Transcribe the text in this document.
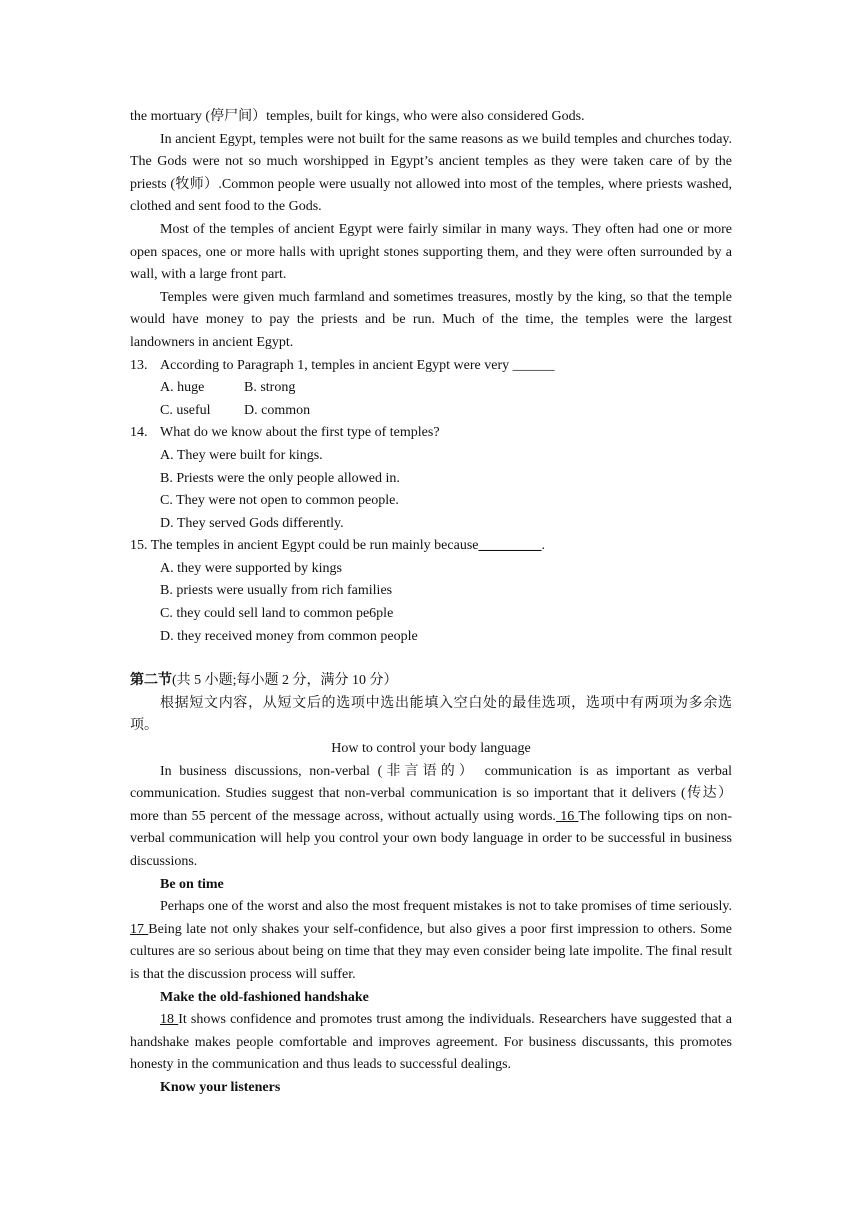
the mortuary (停尸间）temples, built for kings, who were also considered Gods.

In ancient Egypt, temples were not built for the same reasons as we build temples and churches today. The Gods were not so much worshipped in Egypt’s ancient temples as they were taken care of by the priests (牧师）.Common people were usually not allowed into most of the temples, where priests washed, clothed and sent food to the Gods.

Most of the temples of ancient Egypt were fairly similar in many ways. They often had one or more open spaces, one or more halls with upright stones supporting them, and they were often surrounded by a wall, with a large front part.

Temples were given much farmland and sometimes treasures, mostly by the king, so that the temple would have money to pay the priests and be run. Much of the time, the temples were the largest landowners in ancient Egypt.

13. According to Paragraph 1, temples in ancient Egypt were very ______

A. huge	B. strong

C. useful D. common

14. What do we know about the first type of temples?

A. They were built for kings.

B. Priests were the only people allowed in.

C. They were not open to common people.

D. They served Gods differently.

15. The temples in ancient Egypt could be run mainly because_________.

A. they were supported by kings

B. priests were usually from rich families

C. they could sell land to common pe6ple

D. they received money from common people

第二节(共 5 小题;每小题 2 分，满分 10 分）

根据短文内容，从短文后的选项中选出能填入空白处的最佳选项，选项中有两项为多余选项。

How to control your body language

In business discussions, non-verbal (非言语的） communication is as important as verbal communication. Studies suggest that non-verbal communication is so important that it delivers (传达）more than 55 percent of the message across, without actually using words. 16 The following tips on non-verbal communication will help you control your own body language in order to be successful in business discussions.

Be on time

Perhaps one of the worst and also the most frequent mistakes is not to take promises of time seriously. 17 Being late not only shakes your self-confidence, but also gives a poor first impression to others. Some cultures are so serious about being on time that they may even consider being late impolite. The final result is that the discussion process will suffer.

Make the old-fashioned handshake

18 It shows confidence and promotes trust among the individuals. Researchers have suggested that a handshake makes people comfortable and improves agreement. For business discussants, this promotes honesty in the communication and thus leads to successful dealings.

Know your listeners
